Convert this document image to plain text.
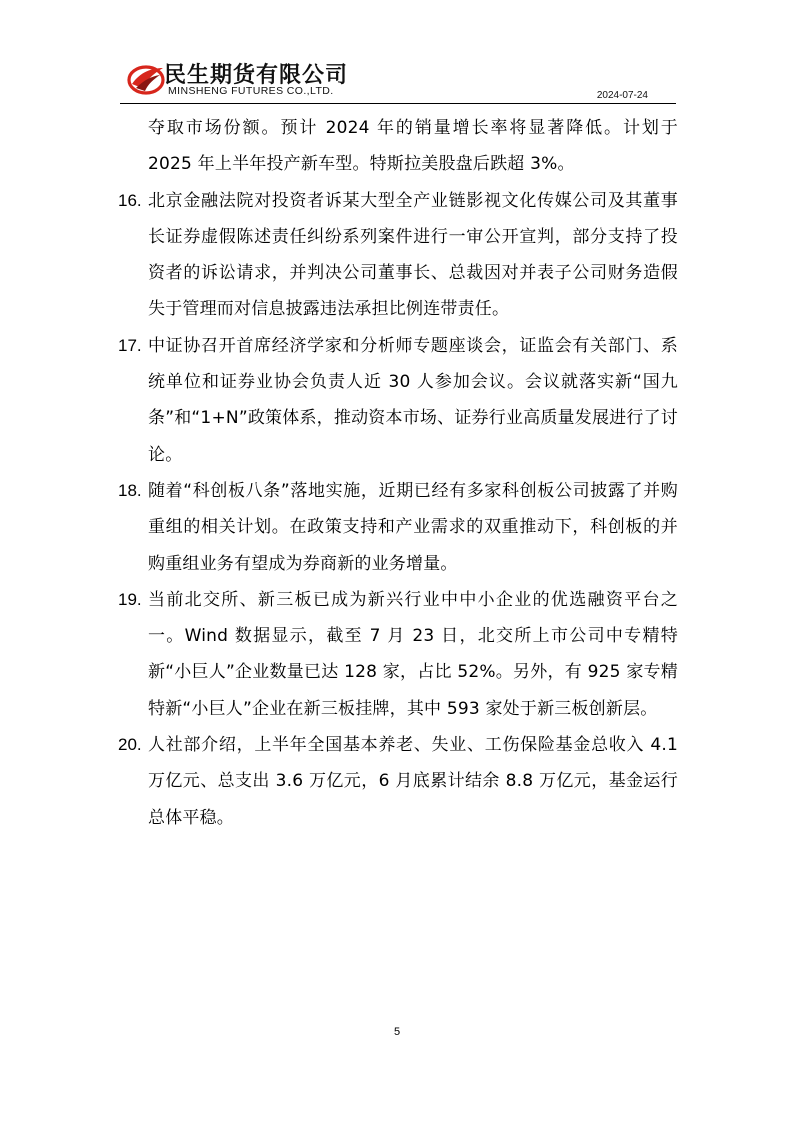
民生期货有限公司
MINSHENG FUTURES CO.,LTD.	2024-07-24

夺取市场份额。预计 2024 年的销量增长率将显著降低。计划于 2025 年上半年投产新车型。特斯拉美股盘后跌超 3%。

16. 北京金融法院对投资者诉某大型全产业链影视文化传媒公司及其董事长证券虚假陈述责任纠纷系列案件进行一审公开宣判，部分支持了投资者的诉讼请求，并判决公司董事长、总裁因对并表子公司财务造假失于管理而对信息披露违法承担比例连带责任。

17. 中证协召开首席经济学家和分析师专题座谈会，证监会有关部门、系统单位和证券业协会负责人近 30 人参加会议。会议就落实新“国九条”和“1+N”政策体系，推动资本市场、证券行业高质量发展进行了讨论。

18. 随着“科创板八条”落地实施，近期已经有多家科创板公司披露了并购重组的相关计划。在政策支持和产业需求的双重推动下，科创板的并购重组业务有望成为券商新的业务增量。

19. 当前北交所、新三板已成为新兴行业中中小企业的优选融资平台之一。Wind 数据显示，截至 7 月 23 日，北交所上市公司中专精特新“小巨人”企业数量已达 128 家，占比 52%。另外，有 925 家专精特新“小巨人”企业在新三板挂牌，其中 593 家处于新三板创新层。

20. 人社部介绍，上半年全国基本养老、失业、工伤保险基金总收入 4.1 万亿元、总支出 3.6 万亿元，6 月底累计结余 8.8 万亿元，基金运行总体平稳。

5
